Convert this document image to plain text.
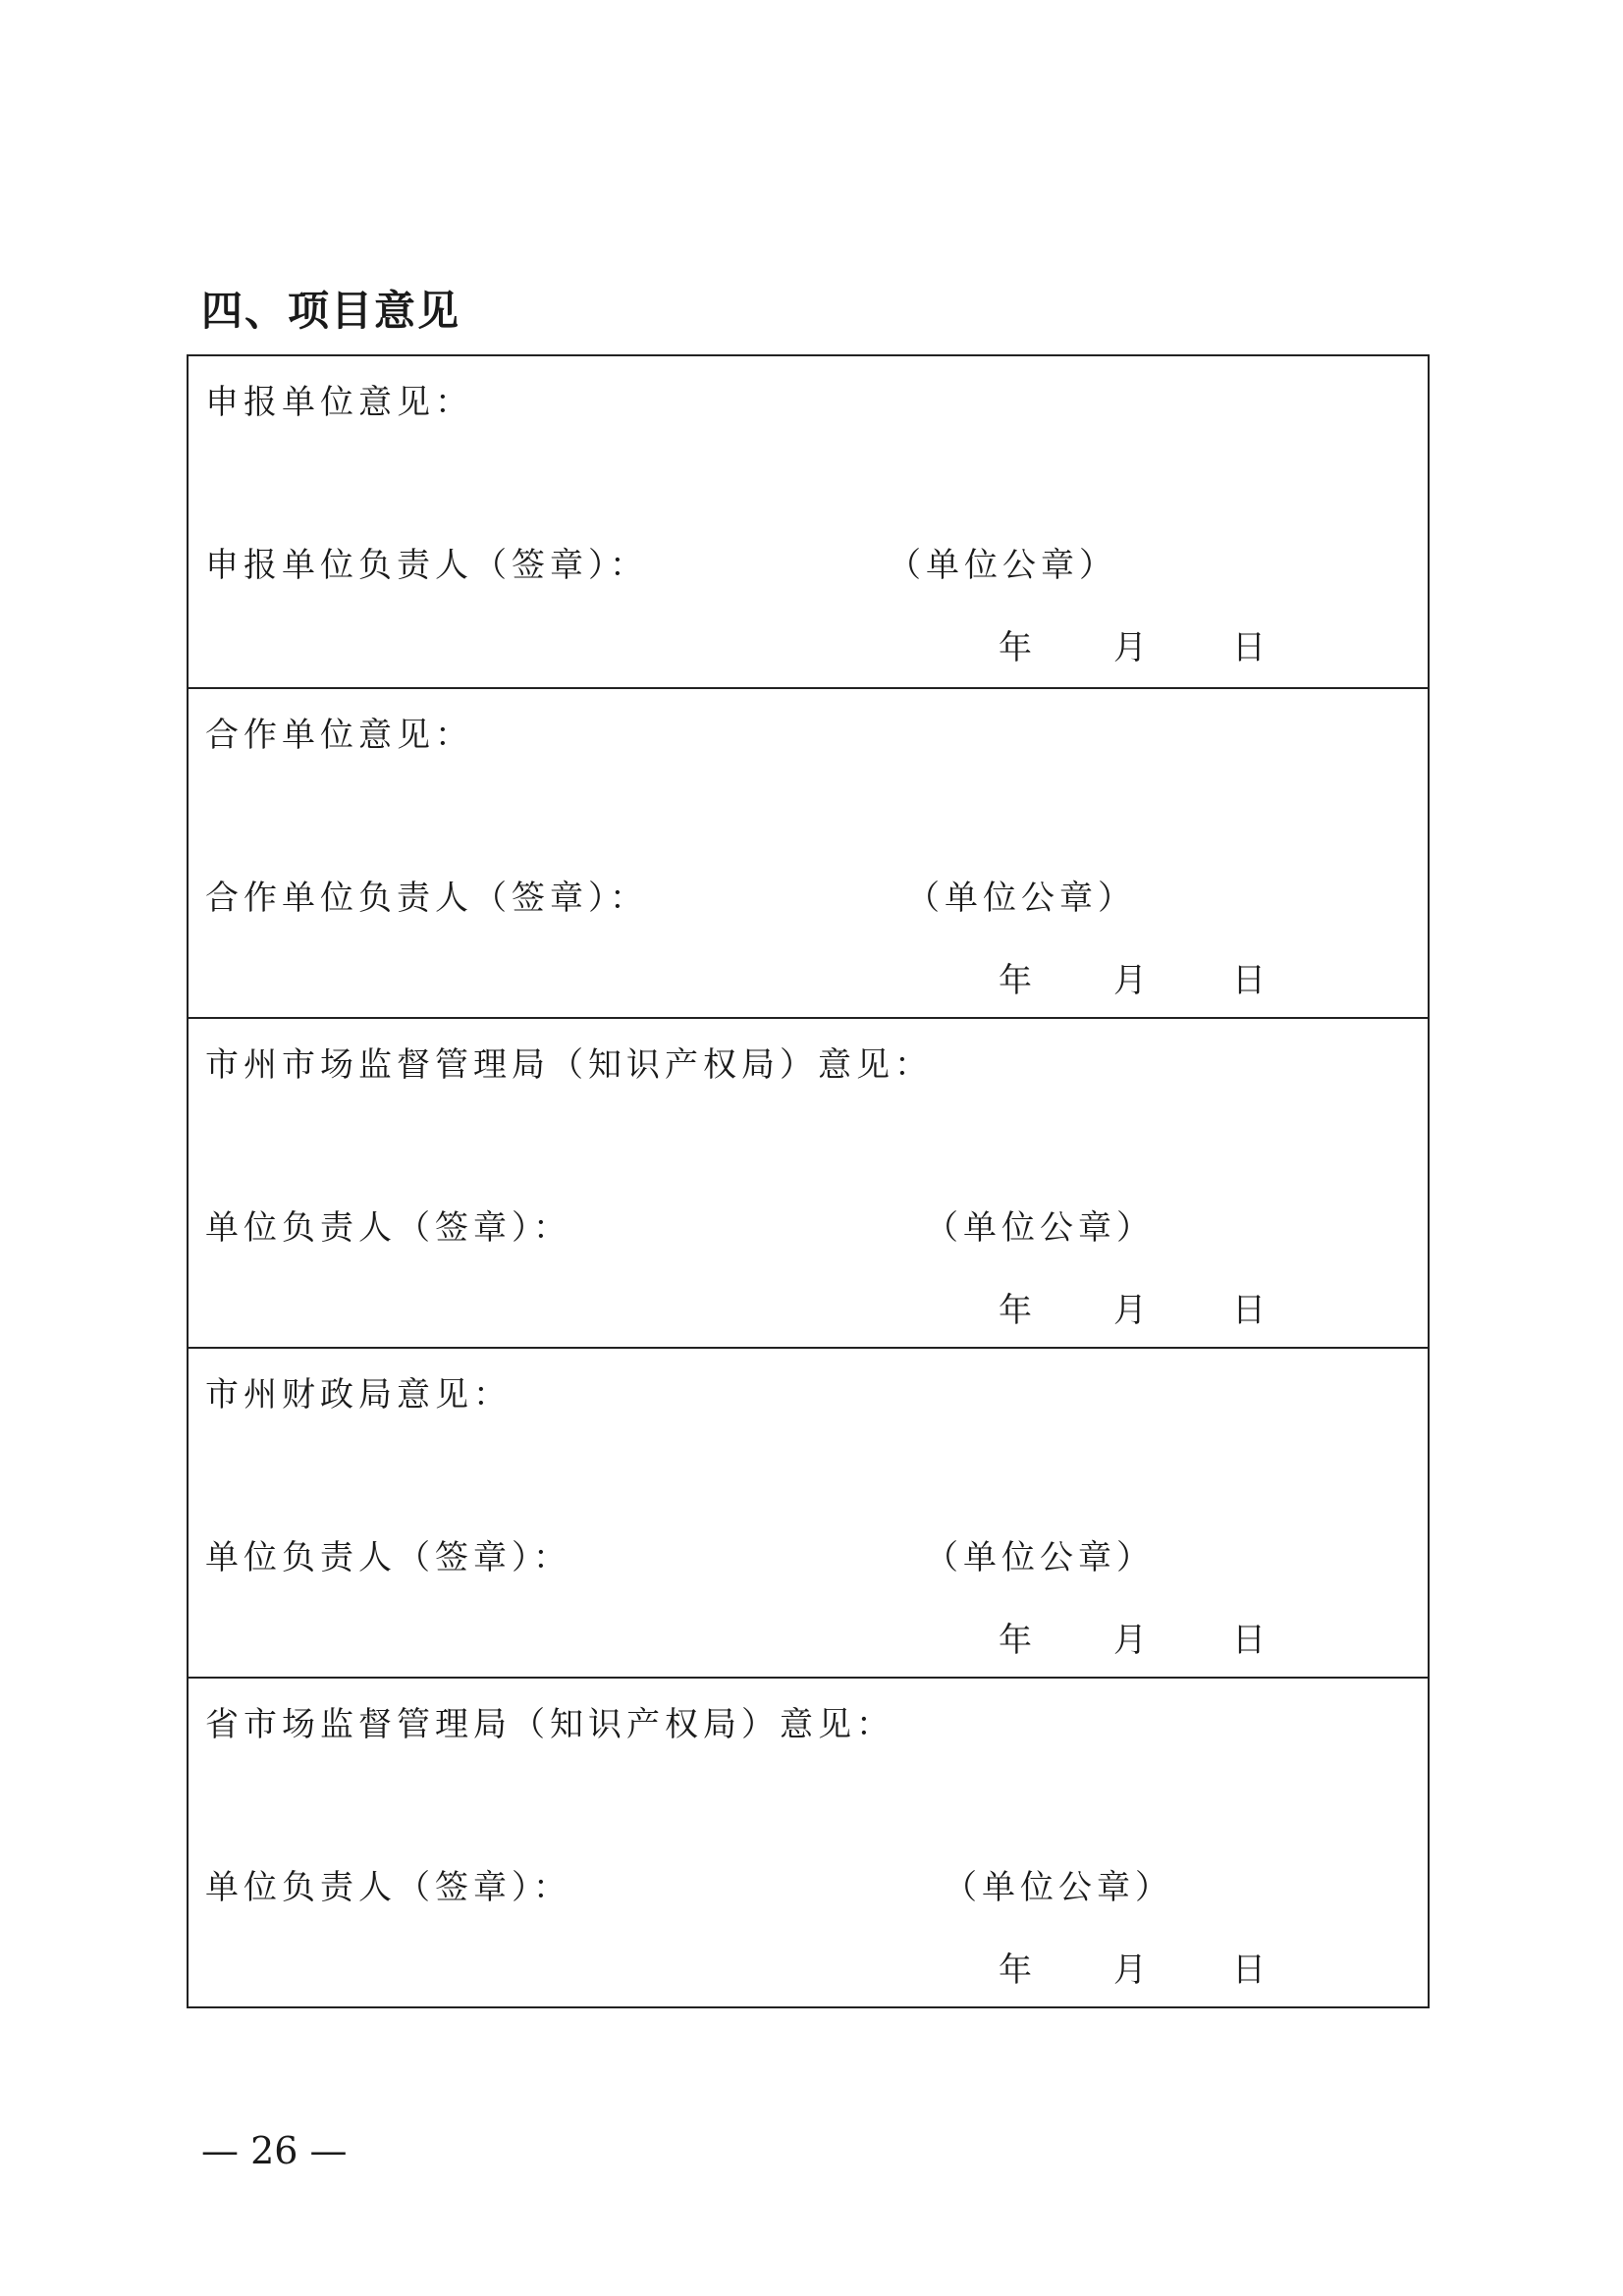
四、项目意见
申报单位意见：
申报单位负责人（签章）：	（单位公章）
年 月	日
合作单位意见：
合作单位负责人（签章）：	（单位公章）
年 月	日
市州市场监督管理局（知识产权局）意见：
单位负责人（签章）：	（单位公章）
年 月	日
市州财政局意见：
单位负责人（签章）：	（单位公章）
年 月	日
省市场监督管理局（知识产权局）意见：
单位负责人（签章）：	（单位公章）
年 月	日
— 26 —
